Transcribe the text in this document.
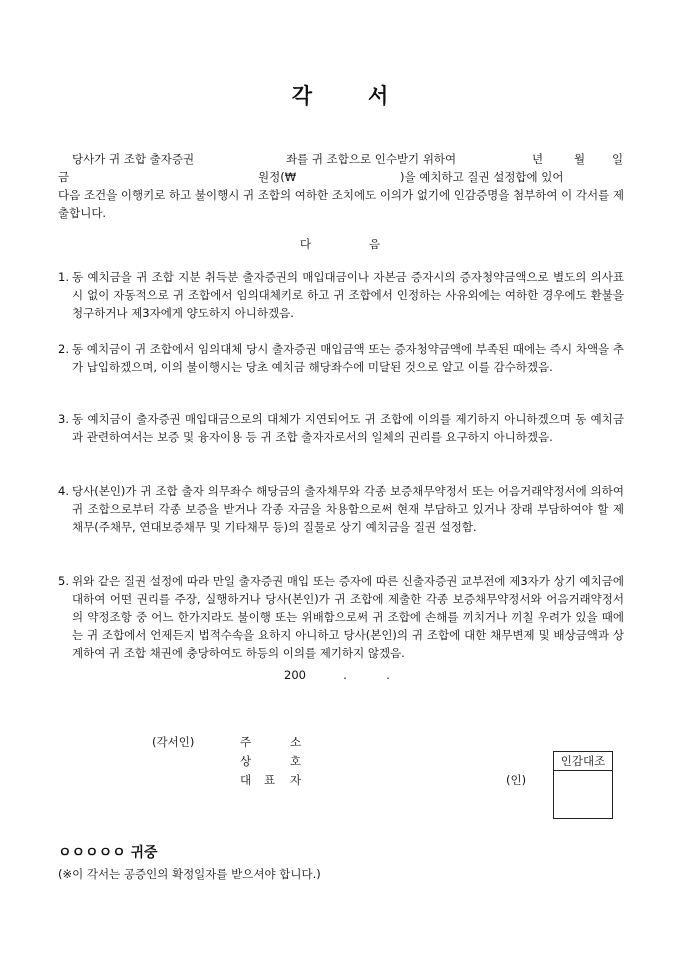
각	서
당사가 귀 조합 출자증권	좌를 귀 조합으로 인수받기 위하여	년	월 일
금	원정(₩	)을 예치하고 질권 설정합에 있어
다음 조건을 이행키로 하고 불이행시 귀 조합의 여하한 조치에도 이의가 없기에 인감증명을 첨부하여 이 각서를 제출합니다.
다	음
1. 동 예치금을 귀 조합 지분 취득분 출자증권의 매입대금이나 자본금 증자시의 증자청약금액으로 별도의 의사표시 없이 자동적으로 귀 조합에서 임의대체키로 하고 귀 조합에서 인정하는 사유외에는 여하한 경우에도 환불을 청구하거나 제3자에게 양도하지 아니하겠음.
2. 동 예치금이 귀 조합에서 임의대체 당시 출자증권 매입금액 또는 증자청약금액에 부족된 때에는 즉시 차액을 추가 납입하겠으며, 이의 불이행시는 당초 예치금 해당좌수에 미달된 것으로 알고 이를 감수하겠음.
3. 동 예치금이 출자증권 매입대금으로의 대체가 지연되어도 귀 조합에 이의를 제기하지 아니하겠으며 동 예치금과 관련하여서는 보증 및 융자이용 등 귀 조합 출자자로서의 일체의 권리를 요구하지 아니하겠음.
4. 당사(본인)가 귀 조합 출자 의무좌수 해당금의 출자채무와 각종 보증채무약정서 또는 어음거래약정서에 의하여 귀 조합으로부터 각종 보증을 받거나 각종 자금을 차용함으로써 현재 부담하고 있거나 장래 부담하여야 할 제 채무(주채무, 연대보증채무 및 기타채무 등)의 질물로 상기 예치금을 질권 설정함.
5. 위와 같은 질권 설정에 따라 만일 출자증권 매입 또는 증자에 따른 신출자증권 교부전에 제3자가 상기 예치금에 대하여 어떤 권리를 주장, 실행하거나 당사(본인)가 귀 조합에 제출한 각종 보증채무약정서와 어음거래약정서의 약정조항 중 어느 한가지라도 불이행 또는 위배함으로써 귀 조합에 손해를 끼치거나 끼칠 우려가 있을 때에는 귀 조합에서 언제든지 법적수속을 요하지 아니하고 당사(본인)의 귀 조합에 대한 채무변제 및 배상금액과 상계하여 귀 조합 채권에 충당하여도 하등의 이의를 제기하지 않겠음.
200	.	.
(각서인)	주	소
상	호
대 표 자	(인)
인감대조
ㅇㅇㅇㅇㅇ 귀중
(※이 각서는 공증인의 확정일자를 받으셔야 합니다.)
